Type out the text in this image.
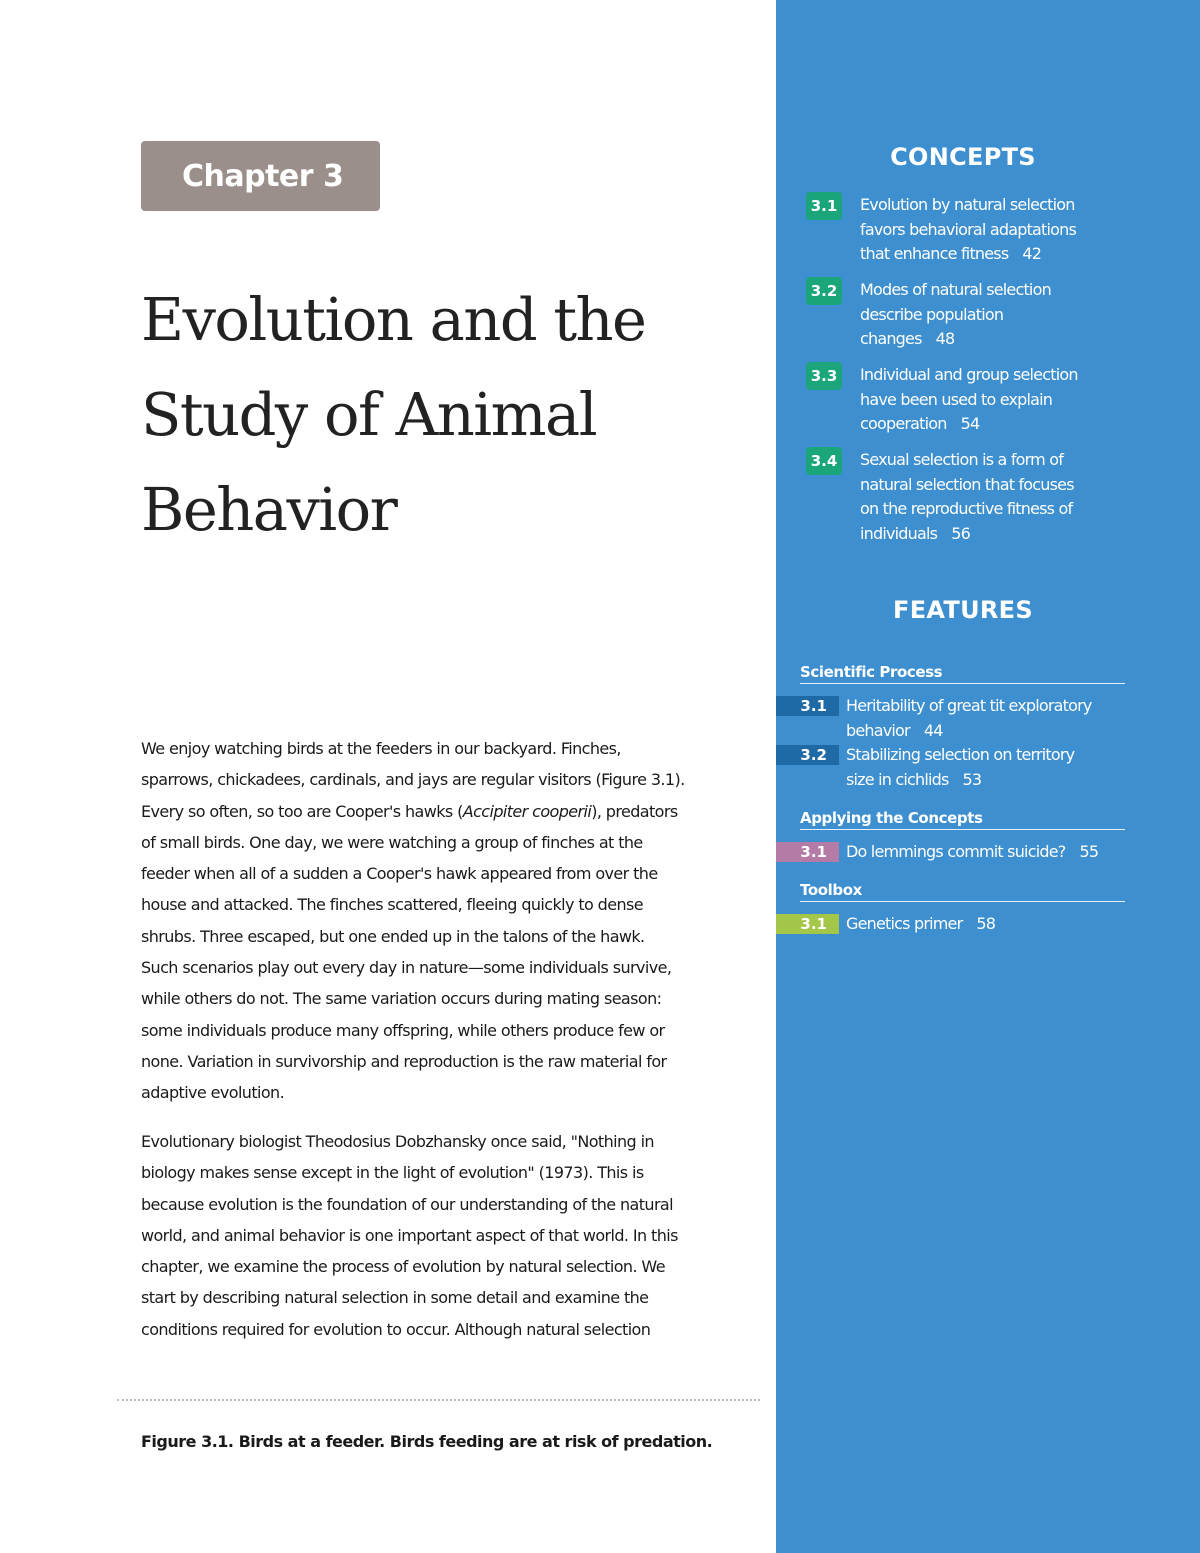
Chapter 3
Evolution and the
Study of Animal
Behavior

We enjoy watching birds at the feeders in our backyard. Finches,
sparrows, chickadees, cardinals, and jays are regular visitors (Figure 3.1).
Every so often, so too are Cooper's hawks (Accipiter cooperii), predators
of small birds. One day, we were watching a group of finches at the
feeder when all of a sudden a Cooper's hawk appeared from over the
house and attacked. The finches scattered, fleeing quickly to dense
shrubs. Three escaped, but one ended up in the talons of the hawk.
Such scenarios play out every day in nature—some individuals survive,
while others do not. The same variation occurs during mating season:
some individuals produce many offspring, while others produce few or
none. Variation in survivorship and reproduction is the raw material for
adaptive evolution.

Evolutionary biologist Theodosius Dobzhansky once said, "Nothing in
biology makes sense except in the light of evolution" (1973). This is
because evolution is the foundation of our understanding of the natural
world, and animal behavior is one important aspect of that world. In this
chapter, we examine the process of evolution by natural selection. We
start by describing natural selection in some detail and examine the
conditions required for evolution to occur. Although natural selection

Figure 3.1. Birds at a feeder. Birds feeding are at risk of predation.
CONCEPTS
3.1 Evolution by natural selection
favors behavioral adaptations
that enhance fitness 42
3.2 Modes of natural selection
describe population
changes 48
3.3 Individual and group selection
have been used to explain
cooperation 54
3.4 Sexual selection is a form of
natural selection that focuses
on the reproductive fitness of
individuals 56
FEATURES
Scientific Process
3.1	Heritability of great tit exploratory
behavior 44
3.2	Stabilizing selection on territory
size in cichlids 53
Applying the Concepts
3.1	Do lemmings commit suicide? 55
Toolbox
3.1	Genetics primer 58
